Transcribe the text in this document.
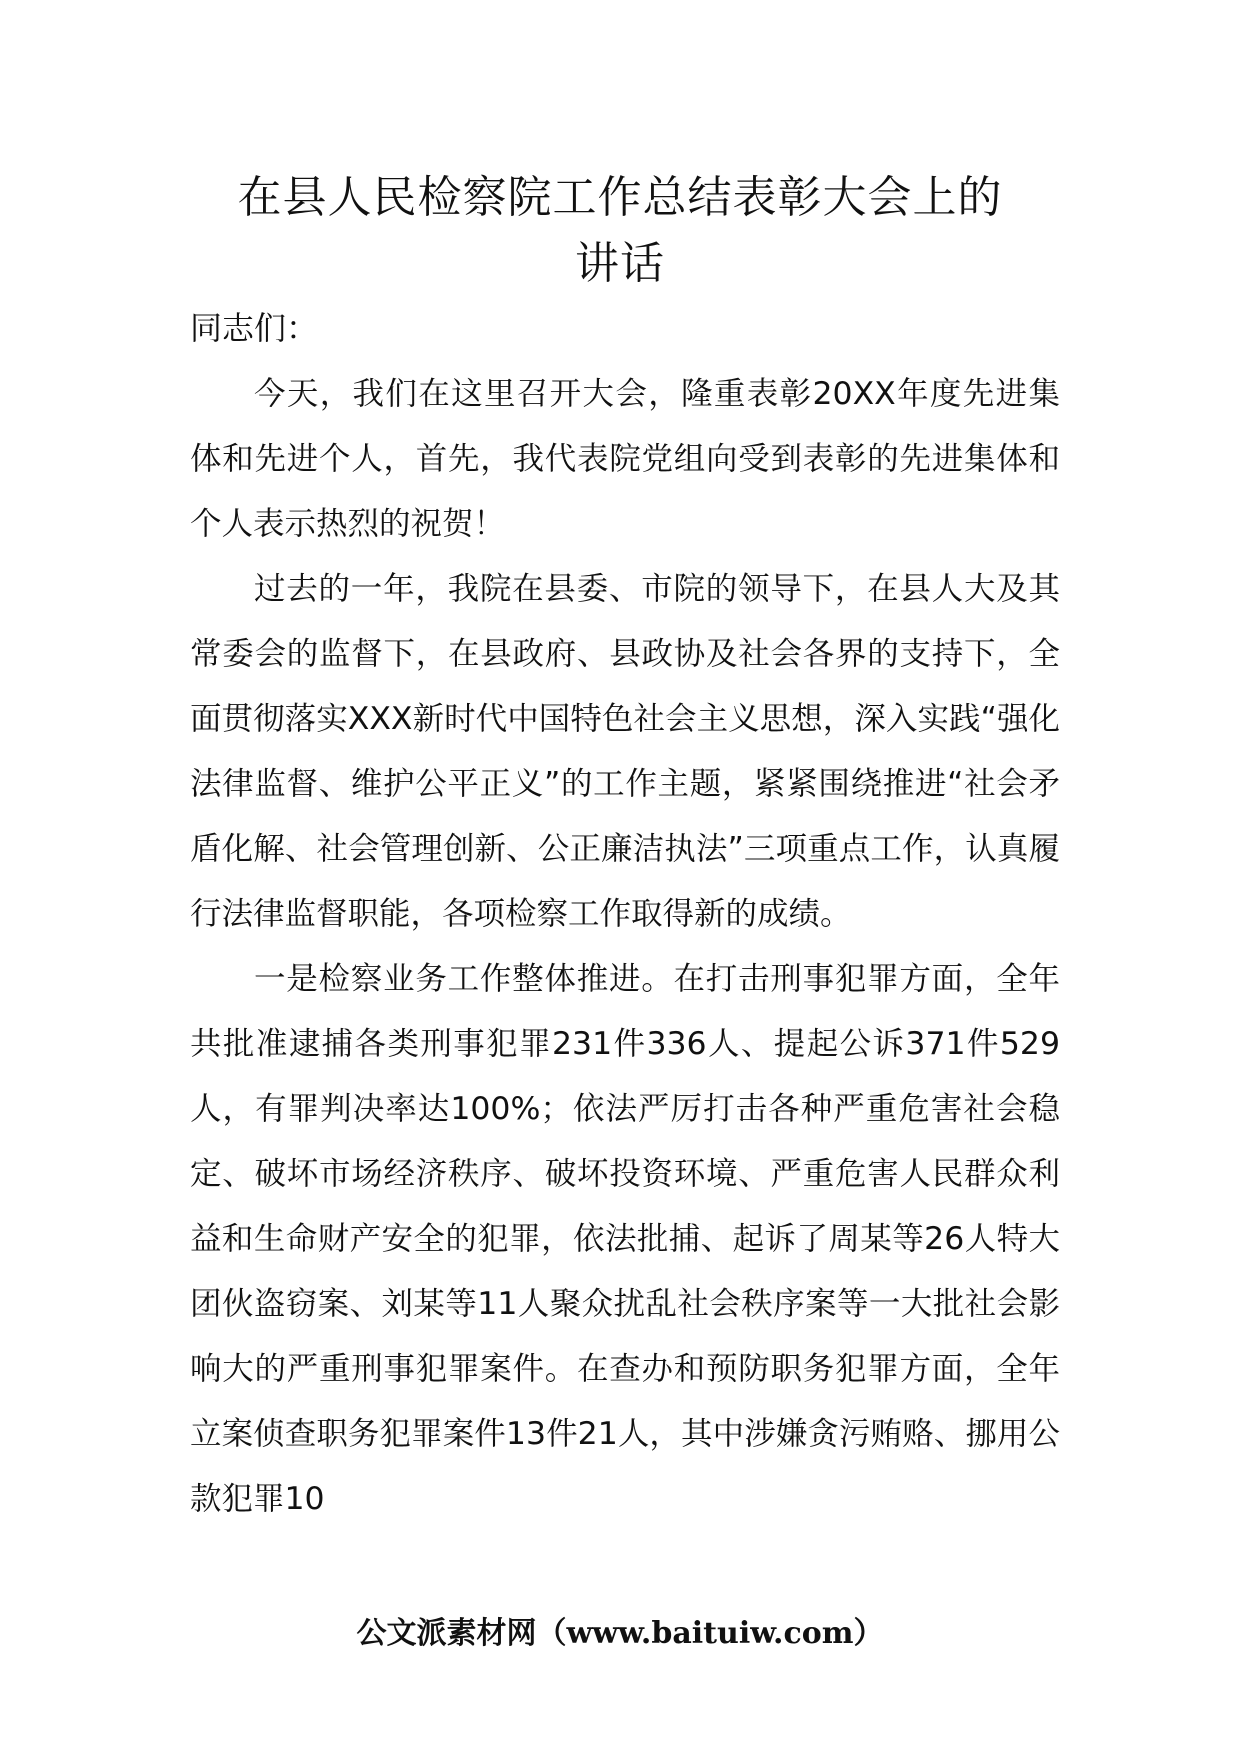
在县人民检察院工作总结表彰大会上的
讲话

同志们：

今天，我们在这里召开大会，隆重表彰20XX年度先进集体和先进个人，首先，我代表院党组向受到表彰的先进集体和个人表示热烈的祝贺！

过去的一年，我院在县委、市院的领导下，在县人大及其常委会的监督下，在县政府、县政协及社会各界的支持下，全面贯彻落实XXX新时代中国特色社会主义思想，深入实践“强化法律监督、维护公平正义”的工作主题，紧紧围绕推进“社会矛盾化解、社会管理创新、公正廉洁执法”三项重点工作，认真履行法律监督职能，各项检察工作取得新的成绩。

一是检察业务工作整体推进。在打击刑事犯罪方面，全年共批准逮捕各类刑事犯罪231件336人、提起公诉371件529人，有罪判决率达100%；依法严厉打击各种严重危害社会稳定、破坏市场经济秩序、破坏投资环境、严重危害人民群众利益和生命财产安全的犯罪，依法批捕、起诉了周某等26人特大团伙盗窃案、刘某等11人聚众扰乱社会秩序案等一大批社会影响大的严重刑事犯罪案件。在查办和预防职务犯罪方面，全年立案侦查职务犯罪案件13件21人，其中涉嫌贪污贿赂、挪用公款犯罪10

公文派素材网（www.baituiw.com）
